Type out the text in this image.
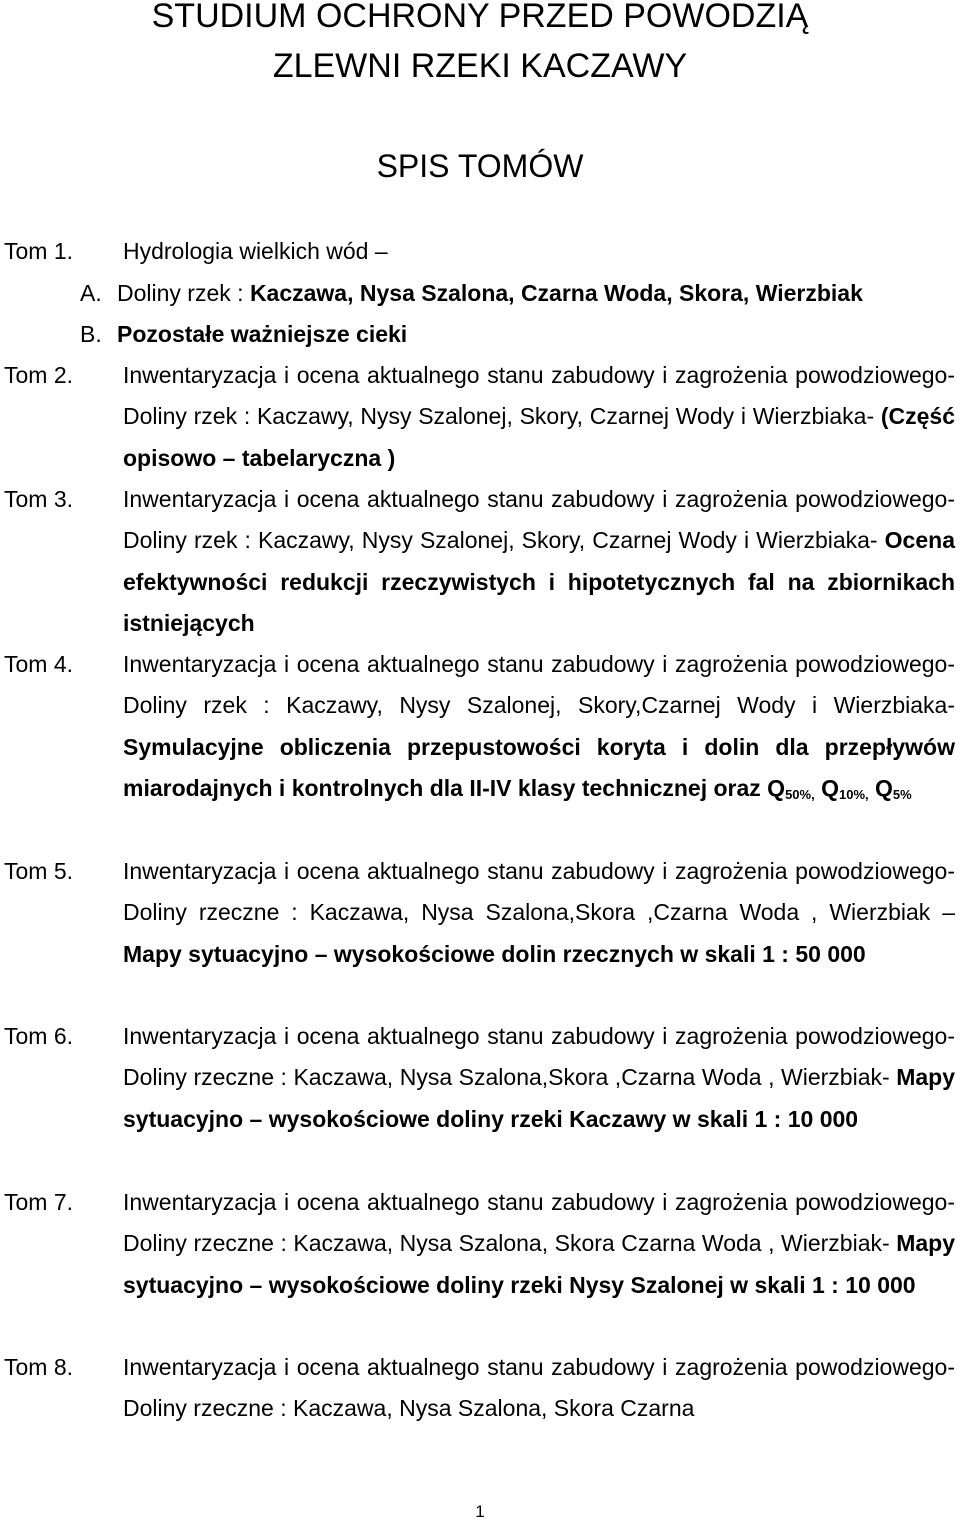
STUDIUM OCHRONY PRZED POWODZIĄ
ZLEWNI RZEKI KACZAWY
SPIS TOMÓW
Tom 1. Hydrologia wielkich wód –
A. Doliny rzek : Kaczawa, Nysa Szalona, Czarna Woda, Skora, Wierzbiak
B. Pozostałe ważniejsze cieki
Tom 2. Inwentaryzacja i ocena aktualnego stanu zabudowy i zagrożenia powodziowego- Doliny rzek : Kaczawy, Nysy Szalonej, Skory, Czarnej Wody i Wierzbiaka- (Część opisowo – tabelaryczna )
Tom 3. Inwentaryzacja i ocena aktualnego stanu zabudowy i zagrożenia powodziowego- Doliny rzek : Kaczawy, Nysy Szalonej, Skory, Czarnej Wody i Wierzbiaka- Ocena efektywności redukcji rzeczywistych i hipotetycznych fal na zbiornikach istniejących
Tom 4. Inwentaryzacja i ocena aktualnego stanu zabudowy i zagrożenia powodziowego- Doliny rzek : Kaczawy, Nysy Szalonej, Skory,Czarnej Wody i Wierzbiaka- Symulacyjne obliczenia przepustowości koryta i dolin dla przepływów miarodajnych i kontrolnych dla II-IV klasy technicznej oraz $Q_{50\%,}$ $Q_{10\%,}$ $Q_{5\%}$
Tom 5. Inwentaryzacja i ocena aktualnego stanu zabudowy i zagrożenia powodziowego- Doliny rzeczne : Kaczawa, Nysa Szalona,Skora ,Czarna Woda , Wierzbiak – Mapy sytuacyjno – wysokościowe dolin rzecznych w skali 1 : 50 000
Tom 6. Inwentaryzacja i ocena aktualnego stanu zabudowy i zagrożenia powodziowego- Doliny rzeczne : Kaczawa, Nysa Szalona,Skora ,Czarna Woda , Wierzbiak- Mapy sytuacyjno – wysokościowe doliny rzeki Kaczawy w skali 1 : 10 000
Tom 7. Inwentaryzacja i ocena aktualnego stanu zabudowy i zagrożenia powodziowego- Doliny rzeczne : Kaczawa, Nysa Szalona, Skora Czarna Woda , Wierzbiak- Mapy sytuacyjno – wysokościowe doliny rzeki Nysy Szalonej w skali 1 : 10 000
Tom 8. Inwentaryzacja i ocena aktualnego stanu zabudowy i zagrożenia powodziowego- Doliny rzeczne : Kaczawa, Nysa Szalona, Skora Czarna
1
